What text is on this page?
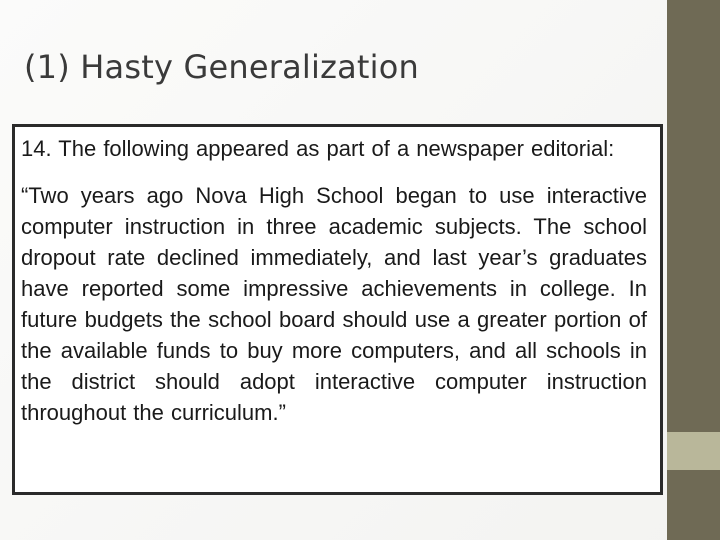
(1) Hasty Generalization

14. The following appeared as part of a newspaper editorial:

“Two years ago Nova High School began to use interactive computer instruction in three academic subjects. The school dropout rate declined immediately, and last year’s graduates have reported some impressive achievements in college. In future budgets the school board should use a greater portion of the available funds to buy more computers, and all schools in the district should adopt interactive computer instruction throughout the curriculum.”
